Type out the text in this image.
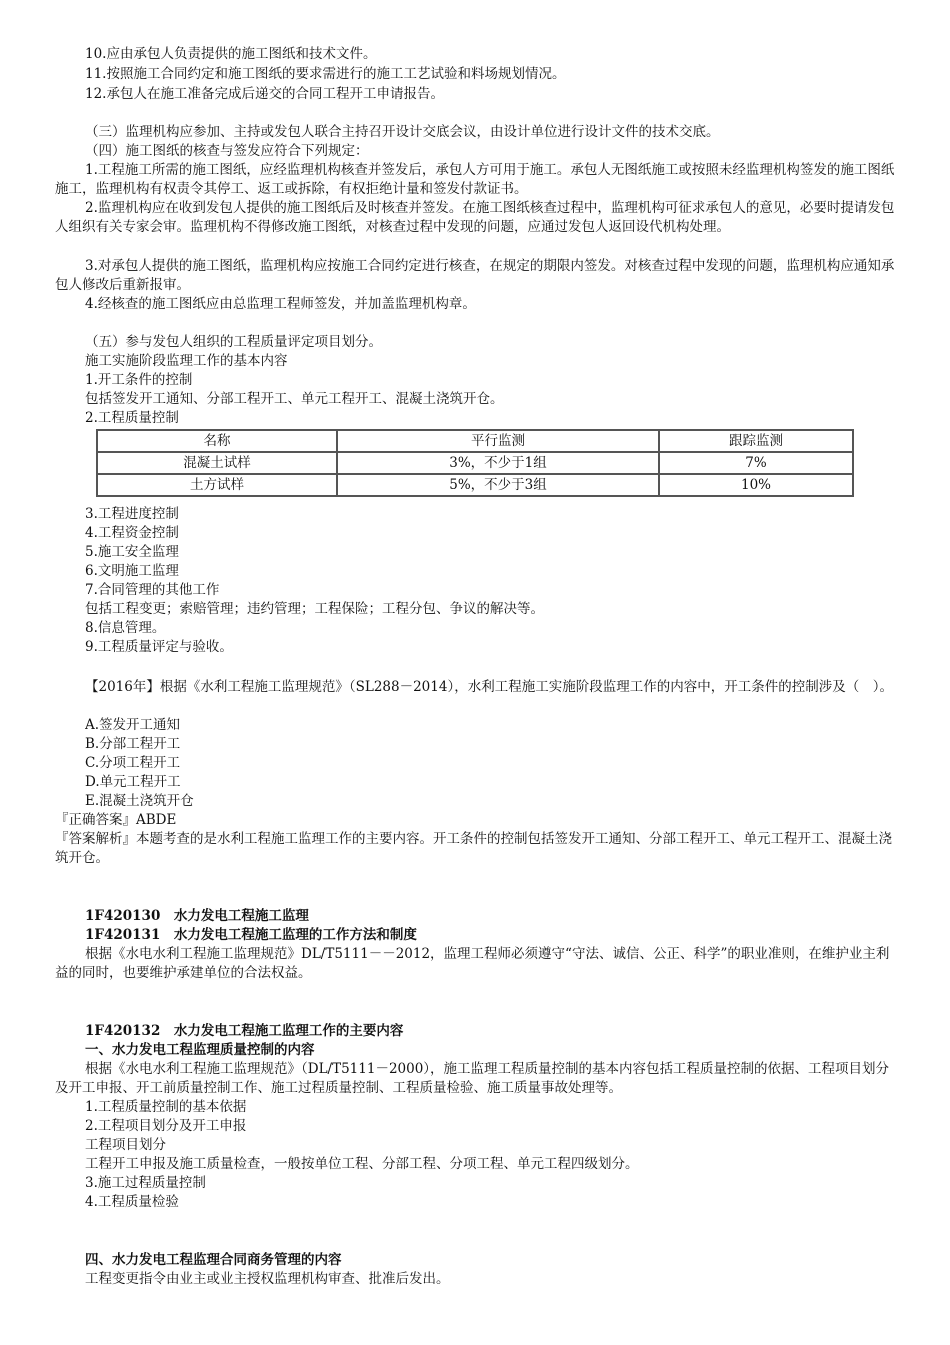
10.应由承包人负责提供的施工图纸和技术文件。
11.按照施工合同约定和施工图纸的要求需进行的施工工艺试验和料场规划情况。
12.承包人在施工准备完成后递交的合同工程开工申请报告。
（三）监理机构应参加、主持或发包人联合主持召开设计交底会议，由设计单位进行设计文件的技术交底。
（四）施工图纸的核查与签发应符合下列规定：
1.工程施工所需的施工图纸，应经监理机构核查并签发后，承包人方可用于施工。承包人无图纸施工或按照未经监理机构签发的施工图纸施工，监理机构有权责令其停工、返工或拆除，有权拒绝计量和签发付款证书。
2.监理机构应在收到发包人提供的施工图纸后及时核查并签发。在施工图纸核查过程中，监理机构可征求承包人的意见，必要时提请发包人组织有关专家会审。监理机构不得修改施工图纸，对核查过程中发现的问题，应通过发包人返回设代机构处理。
3.对承包人提供的施工图纸，监理机构应按施工合同约定进行核查，在规定的期限内签发。对核查过程中发现的问题，监理机构应通知承包人修改后重新报审。
4.经核查的施工图纸应由总监理工程师签发，并加盖监理机构章。
（五）参与发包人组织的工程质量评定项目划分。
施工实施阶段监理工作的基本内容
1.开工条件的控制
包括签发开工通知、分部工程开工、单元工程开工、混凝土浇筑开仓。
2.工程质量控制
名称	平行监测	跟踪监测
混凝土试样	3%，不少于1组	7%
土方试样	5%，不少于3组	10%
3.工程进度控制
4.工程资金控制
5.施工安全监理
6.文明施工监理
7.合同管理的其他工作
包括工程变更；索赔管理；违约管理；工程保险；工程分包、争议的解决等。
8.信息管理。
9.工程质量评定与验收。
【2016年】根据《水利工程施工监理规范》（SL288－2014），水利工程施工实施阶段监理工作的内容中，开工条件的控制涉及（　）。
A.签发开工通知
B.分部工程开工
C.分项工程开工
D.单元工程开工
E.混凝土浇筑开仓
『正确答案』ABDE
『答案解析』本题考查的是水利工程施工监理工作的主要内容。开工条件的控制包括签发开工通知、分部工程开工、单元工程开工、混凝土浇筑开仓。
1F420130　水力发电工程施工监理
1F420131　水力发电工程施工监理的工作方法和制度
根据《水电水利工程施工监理规范》DL/T5111－－2012，监理工程师必须遵守“守法、诚信、公正、科学”的职业准则，在维护业主利益的同时，也要维护承建单位的合法权益。
1F420132　水力发电工程施工监理工作的主要内容
一、水力发电工程监理质量控制的内容
根据《水电水利工程施工监理规范》（DL/T5111－2000），施工监理工程质量控制的基本内容包括工程质量控制的依据、工程项目划分及开工申报、开工前质量控制工作、施工过程质量控制、工程质量检验、施工质量事故处理等。
1.工程质量控制的基本依据
2.工程项目划分及开工申报
工程项目划分
工程开工申报及施工质量检查，一般按单位工程、分部工程、分项工程、单元工程四级划分。
3.施工过程质量控制
4.工程质量检验
四、水力发电工程监理合同商务管理的内容
工程变更指令由业主或业主授权监理机构审查、批准后发出。
